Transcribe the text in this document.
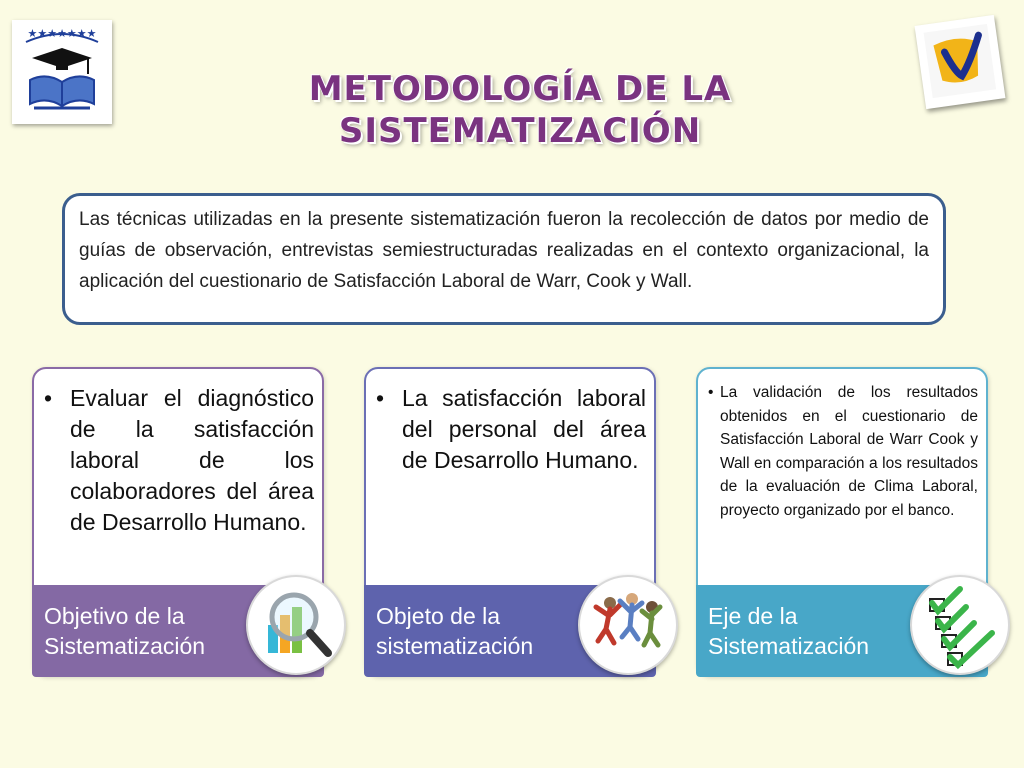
★★★★★★★
METODOLOGÍA DE LA SISTEMATIZACIÓN
Las técnicas utilizadas en la presente sistematización fueron la recolección de datos por medio de guías de observación, entrevistas semiestructuradas realizadas en el contexto organizacional, la aplicación del cuestionario de Satisfacción Laboral de Warr, Cook y Wall.
• Evaluar el diagnóstico de la satisfacción laboral de los colaboradores del área de Desarrollo Humano.
Objetivo de la Sistematización
• La satisfacción laboral del personal del área de Desarrollo Humano.
Objeto de la sistematización
• La validación de los resultados obtenidos en el cuestionario de Satisfacción Laboral de Warr Cook y Wall en comparación a los resultados de la evaluación de Clima Laboral, proyecto organizado por el banco.
Eje de la Sistematización
